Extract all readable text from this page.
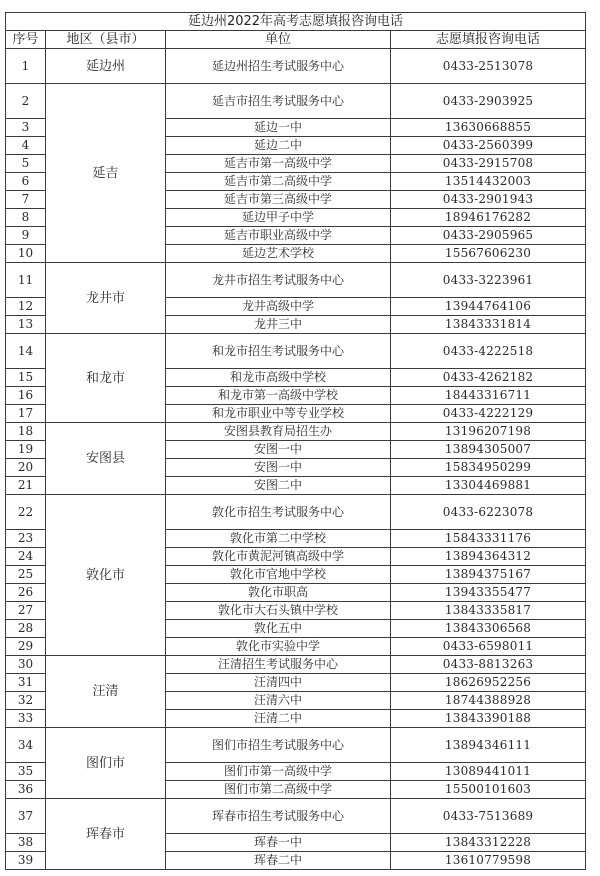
延边州2022年高考志愿填报咨询电话			
序号	地区（县市）	单位	志愿填报咨询电话
1	延边州	延边州招生考试服务中心	0433-2513078
2	延吉	延吉市招生考试服务中心	0433-2903925
3		延边一中	13630668855
4		延边二中	0433-2560399
5		延吉市第一高级中学	0433-2915708
6		延吉市第二高级中学	13514432003
7		延吉市第三高级中学	0433-2901943
8		延边甲子中学	18946176282
9		延吉市职业高级中学	0433-2905965
10		延边艺术学校	15567606230
11	龙井市	龙井市招生考试服务中心	0433-3223961
12		龙井高级中学	13944764106
13		龙井三中	13843331814
14	和龙市	和龙市招生考试服务中心	0433-4222518
15		和龙市高级中学校	0433-4262182
16		和龙市第一高级中学校	18443316711
17		和龙市职业中等专业学校	0433-4222129
18	安图县	安图县教育局招生办	13196207198
19		安图一中	13894305007
20		安图一中	15834950299
21		安图二中	13304469881
22	敦化市	敦化市招生考试服务中心	0433-6223078
23		敦化市第二中学校	15843331176
24		敦化市黄泥河镇高级中学	13894364312
25		敦化市官地中学校	13894375167
26		敦化市职高	13943355477
27		敦化市大石头镇中学校	13843335817
28		敦化五中	13843306568
29		敦化市实验中学	0433-6598011
30	汪清	汪清招生考试服务中心	0433-8813263
31		汪清四中	18626952256
32		汪清六中	18744388928
33		汪清二中	13843390188
34	图们市	图们市招生考试服务中心	13894346111
35		图们市第一高级中学	13089441011
36		图们市第二高级中学	15500101603
37	珲春市	珲春市招生考试服务中心	0433-7513689
38		珲春一中	13843312228
39		珲春二中	13610779598
